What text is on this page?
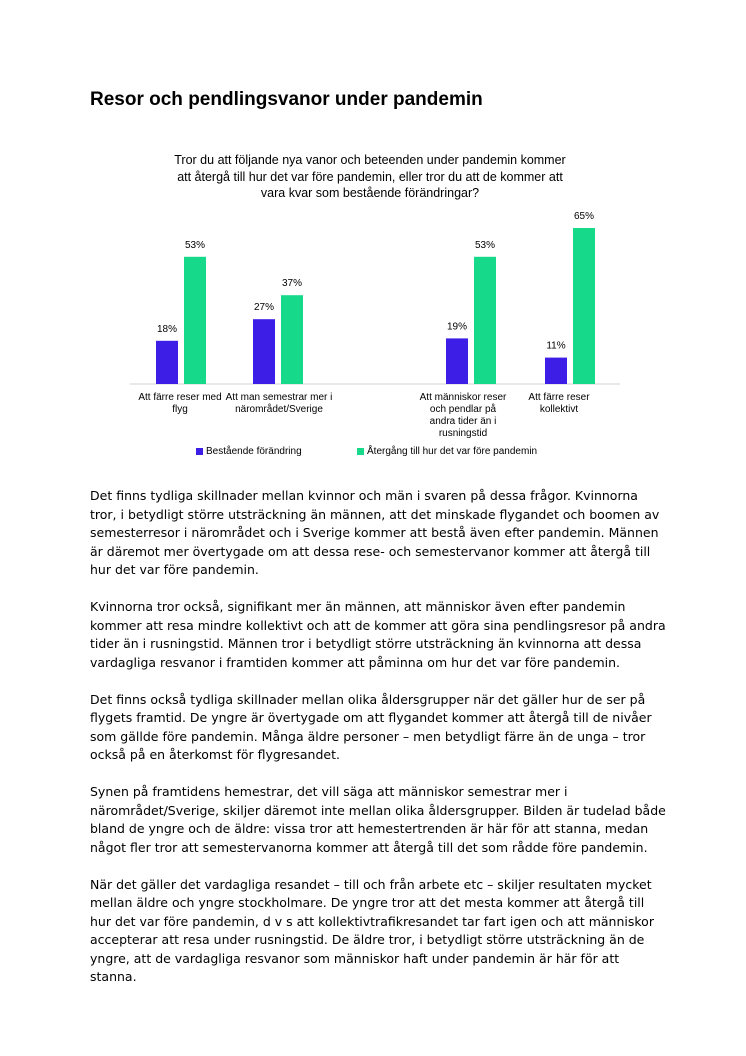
Resor och pendlingsvanor under pandemin
18%
27%
19%
11%
53%
37%
53%
65%
Tror du att följande nya vanor och beteenden under pandemin kommer att återgå till hur det var före pandemin, eller tror du att de kommer att vara kvar som bestående förändringar?
Att färre reser med flyg
Att man semestrar mer i närområdet/Sverige
Att människor reser och pendlar på andra tider än i rusningstid
Att färre reser kollektivt
Bestående förändring	Återgång till hur det var före pandemin

Det finns tydliga skillnader mellan kvinnor och män i svaren på dessa frågor. Kvinnorna tror, i betydligt större utsträckning än männen, att det minskade flygandet och boomen av semesterresor i närområdet och i Sverige kommer att bestå även efter pandemin. Männen är däremot mer övertygade om att dessa rese- och semestervanor kommer att återgå till hur det var före pandemin.

Kvinnorna tror också, signifikant mer än männen, att människor även efter pandemin kommer att resa mindre kollektivt och att de kommer att göra sina pendlingsresor på andra tider än i rusningstid. Männen tror i betydligt större utsträckning än kvinnorna att dessa vardagliga resvanor i framtiden kommer att påminna om hur det var före pandemin.

Det finns också tydliga skillnader mellan olika åldersgrupper när det gäller hur de ser på flygets framtid. De yngre är övertygade om att flygandet kommer att återgå till de nivåer som gällde före pandemin. Många äldre personer – men betydligt färre än de unga – tror också på en återkomst för flygresandet.

Synen på framtidens hemestrar, det vill säga att människor semestrar mer i närområdet/Sverige, skiljer däremot inte mellan olika åldersgrupper. Bilden är tudelad både bland de yngre och de äldre: vissa tror att hemestertrenden är här för att stanna, medan något fler tror att semestervanorna kommer att återgå till det som rådde före pandemin.

När det gäller det vardagliga resandet – till och från arbete etc – skiljer resultaten mycket mellan äldre och yngre stockholmare. De yngre tror att det mesta kommer att återgå till hur det var före pandemin, d v s att kollektivtrafikresandet tar fart igen och att människor accepterar att resa under rusningstid. De äldre tror, i betydligt större utsträckning än de yngre, att de vardagliga resvanor som människor haft under pandemin är här för att stanna.
